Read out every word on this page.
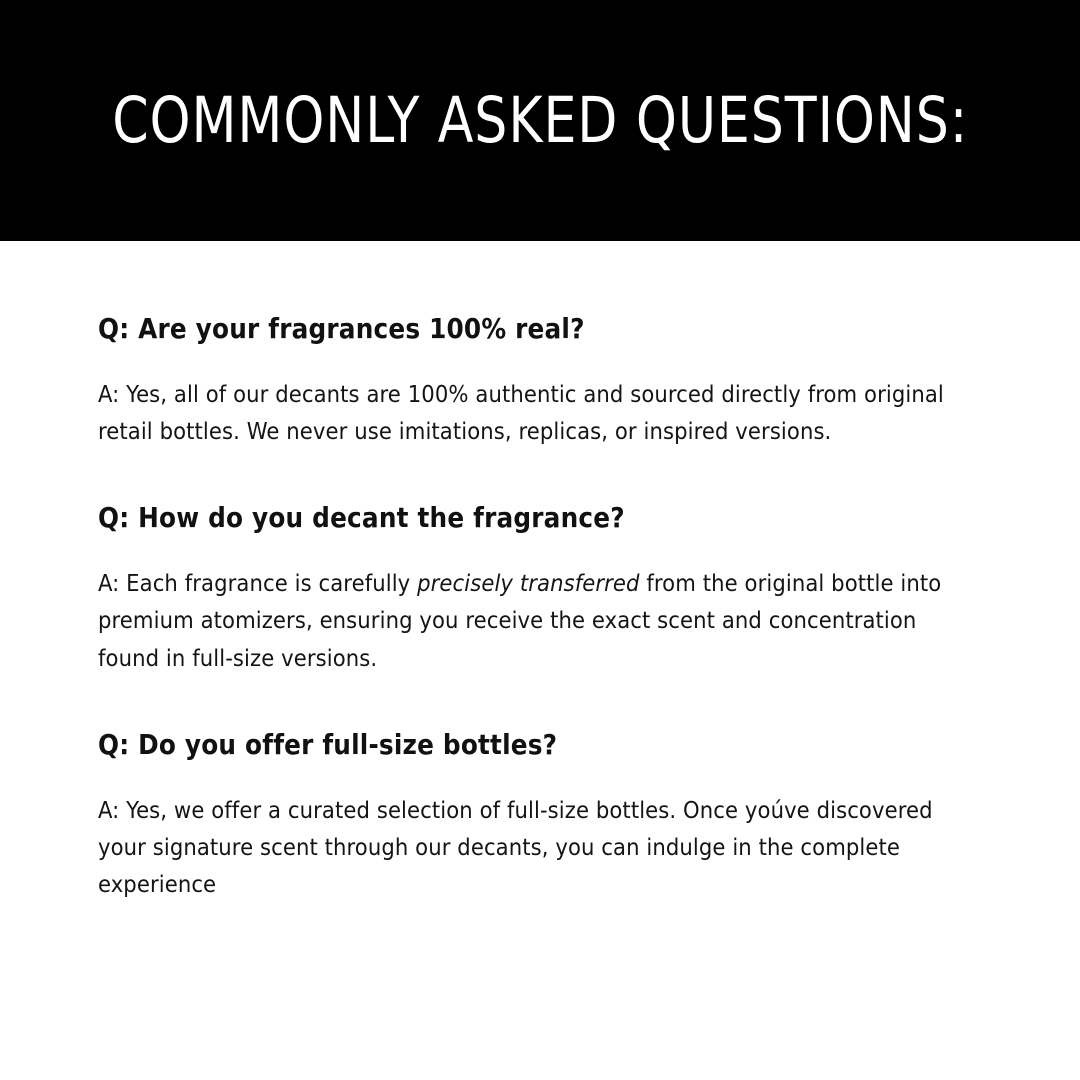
COMMONLY ASKED QUESTIONS:

Q: Are your fragrances 100% real?

A: Yes, all of our decants are 100% authentic and sourced directly from original retail bottles. We never use imitations, replicas, or inspired versions.

Q: How do you decant the fragrance?

A: Each fragrance is carefully precisely transferred from the original bottle into premium atomizers, ensuring you receive the exact scent and concentration found in full-size versions.

Q: Do you offer full-size bottles?

A: Yes, we offer a curated selection of full-size bottles. Once yoúve discovered your signature scent through our decants, you can indulge in the complete experience
